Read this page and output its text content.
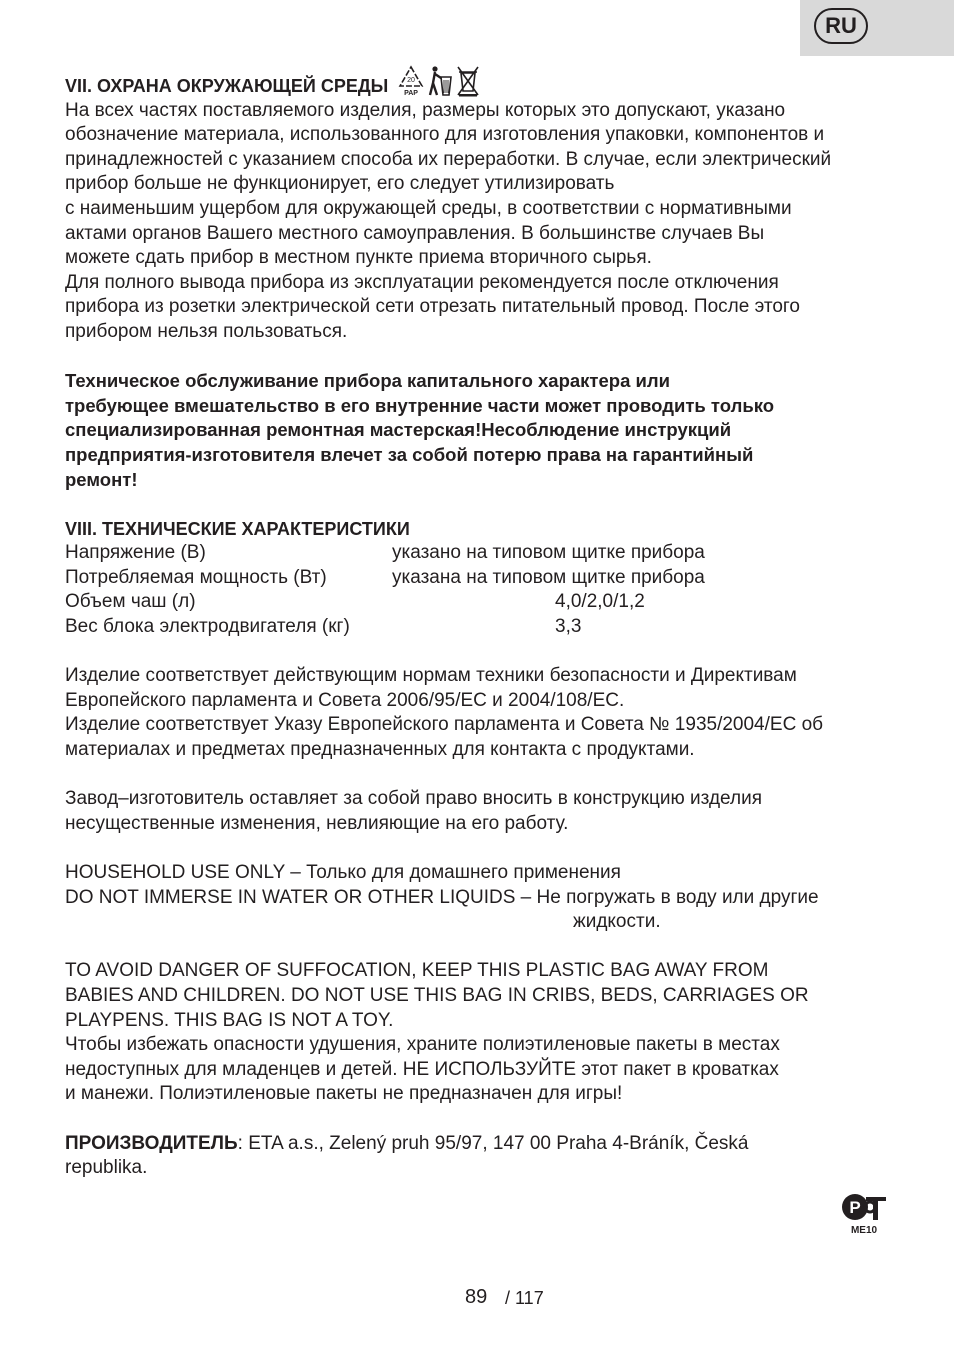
RU
VII. ОХРАНА ОКРУЖАЮЩЕЙ СРЕДЫ	20
PAP

На всех частях поставляемого изделия, размеры которых это допускают, указано

обозначение материала, использованного для изготовления упаковки, компонентов и

принадлежностей с указанием способа их переработки. В случае, если электрический

прибор больше не функционирует, его следует утилизировать

с наименьшим ущербом для окружающей среды, в соответствии с нормативными

актами органов Вашего местного самоуправления. В большинстве случаев Вы

можете сдать прибор в местном пункте приема вторичного сырья.

Для полного вывода прибора из эксплуатации рекомендуется после отключения

прибора из розетки электрической сети отрезать питательный провод. После этого

прибором нельзя пользоваться.

Техническое обслуживание прибора капитального характера или

требующее вмешательство в его внутренние части может проводить только

специализированная ремонтная мастерская!Несоблюдение инструкций

предприятия-изготовителя влечет за собой потерю права на гарантийный

ремонт!

VIII. ТЕХНИЧЕСКИЕ ХАРАКТЕРИСТИКИ

Напряжение (В)	указано на типовом щитке прибора
Потребляемая мощность (Вт)	указана на типовом щитке прибора
Объем чаш (л)	4,0/2,0/1,2
Вес блока электродвигателя (кг)	3,3

Изделие соответствует действующим нормам техники безопасности и Директивам

Европейского парламента и Совета 2006/95/ЕС и 2004/108/ЕС.

Изделие соответствует Указу Европейского парламента и Совета № 1935/2004/ЕС об

материалах и предметах предназначенных для контакта с продуктами.

Завод–изготовитель оставляет за собой право вносить в конструкцию изделия

несущественные изменения, невлияющие на его работу.

HOUSEHOLD USE ONLY – Только для домашнего применения

DO NOT IMMERSE IN WATER OR OTHER LIQUIDS – Не погружать в воду или другие

жидкости.

TO AVOID DANGER OF SUFFOCATION, KEEP THIS PLASTIC BAG AWAY FROM

BABIES AND CHILDREN. DO NOT USE THIS BAG IN CRIBS, BEDS, CARRIAGES OR

PLAYPENS. THIS BAG IS NOT A TOY.

Чтобы избежать опасности удушения, храните полиэтиленовые пакеты в местах

недоступных для младенцев и детей. НЕ ИСПОЛЬЗУЙТЕ этот пакет в кроватках

и манежи. Полиэтиленовые пакеты не предназначен для игры!

ПРОИЗВОДИТЕЛЬ: ETA a.s., Zelený pruh 95/97, 147 00 Praha 4-Bráník, Česká

republika.

Р
ME10
89 / 117
